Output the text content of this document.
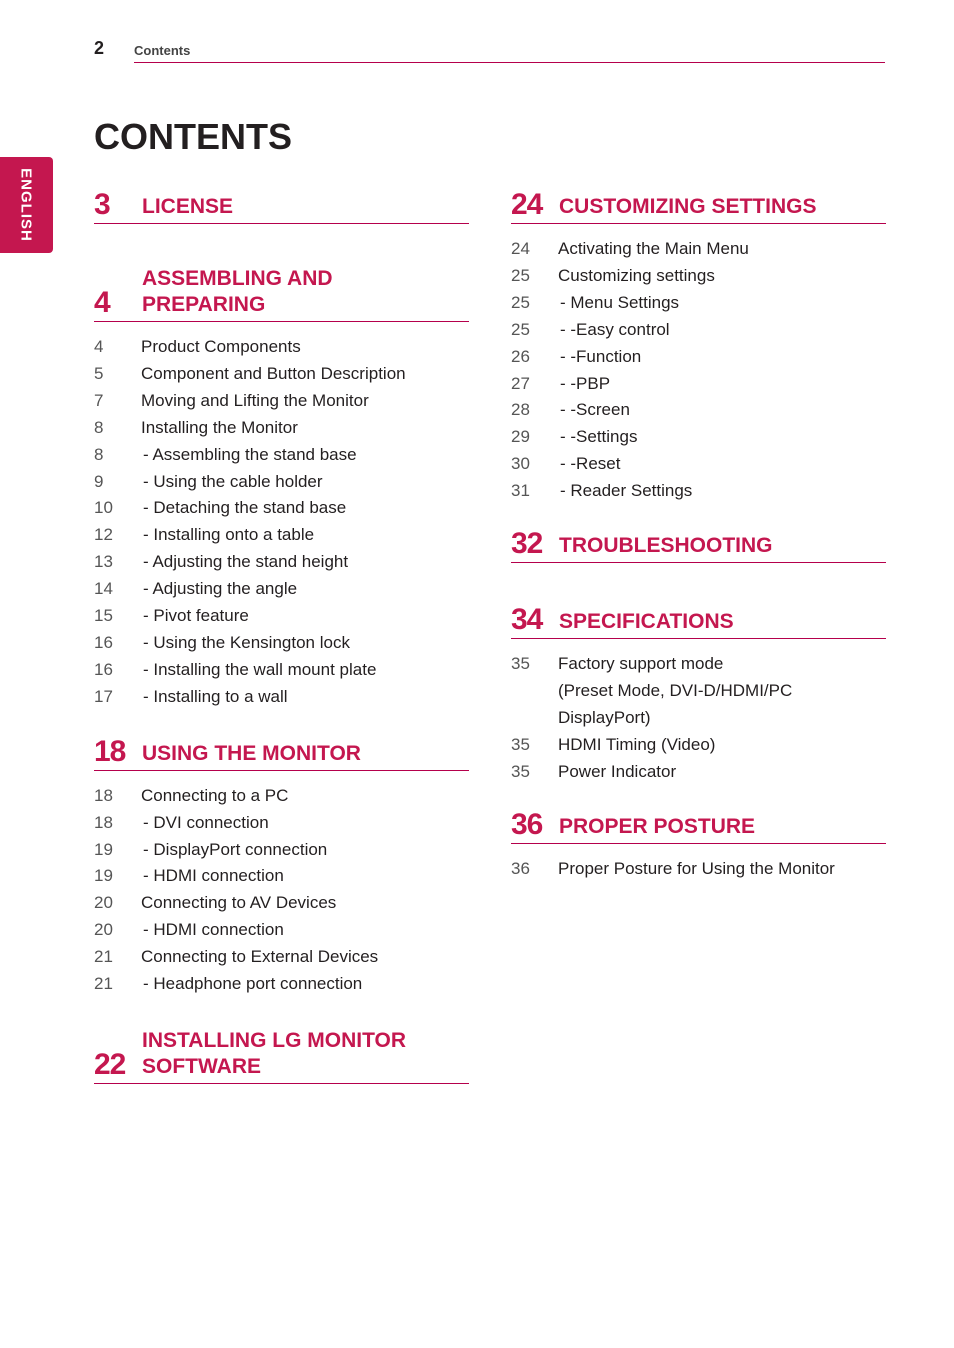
2 Contents
ENGLISH
CONTENTS
3	LICENSE
4
ASSEMBLING AND PREPARING
4	Product Components
5	Component and Button Description
7	Moving and Lifting the Monitor
8	Installing the Monitor
8	- Assembling the stand base
9	- Using the cable holder
10	- Detaching the stand base
12	- Installing onto a table
13	- Adjusting the stand height
14	- Adjusting the angle
15	- Pivot feature
16	- Using the Kensington lock
16	- Installing the wall mount plate
17	- Installing to a wall
18 USING THE MONITOR
18	Connecting to a PC
18	- DVI connection
19	- DisplayPort connection
19	- HDMI connection
20	Connecting to AV Devices
20	- HDMI connection
21	Connecting to External Devices
21	- Headphone port connection
22
INSTALLING LG MONITOR SOFTWARE
24 CUSTOMIZING SETTINGS
24	Activating the Main Menu
25	Customizing settings
25	- Menu Settings
25	- -Easy control
26	- -Function
27	- -PBP
28	- -Screen
29	- -Settings
30	- -Reset
31	- Reader Settings
32 TROUBLESHOOTING
34 SPECIFICATIONS
35	Factory support mode
(Preset Mode, DVI-D/HDMI/PC
DisplayPort)
35	HDMI Timing (Video)
35	Power Indicator
36 PROPER POSTURE
36	Proper Posture for Using the Monitor
